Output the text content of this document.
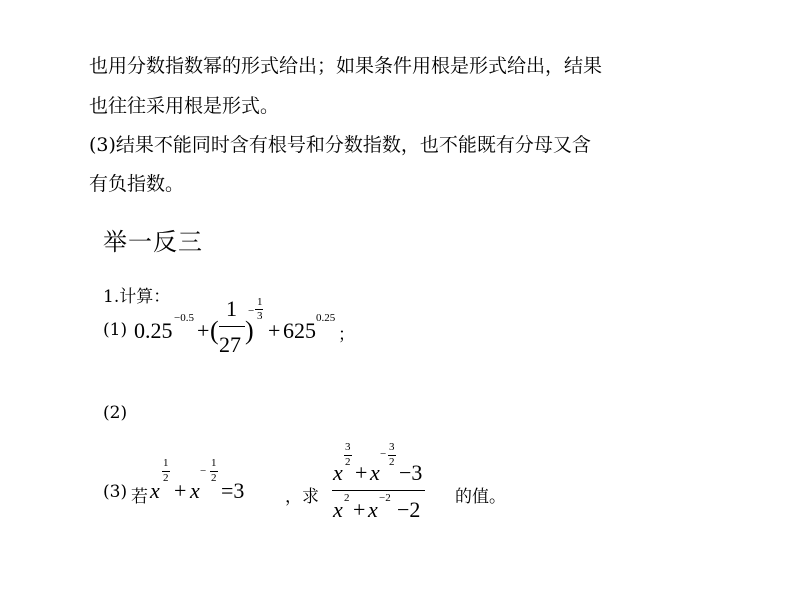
也用分数指数幂的形式给出；如果条件用根是形式给出，结果
也往往采用根是形式。
(3)结果不能同时含有根号和分数指数，也不能既有分母又含
有负指数。
举一反三
1.计算：
(1) 0.25 −0.5 + (
1
27 )
−
1
3
+ 625 0.25
；
(2)
(3) 若 x
1
2 + x
−
1
2 =3 ，求
x
3
2 + x
−
3
2 −3
x 2 + x −2 −2 的值。
